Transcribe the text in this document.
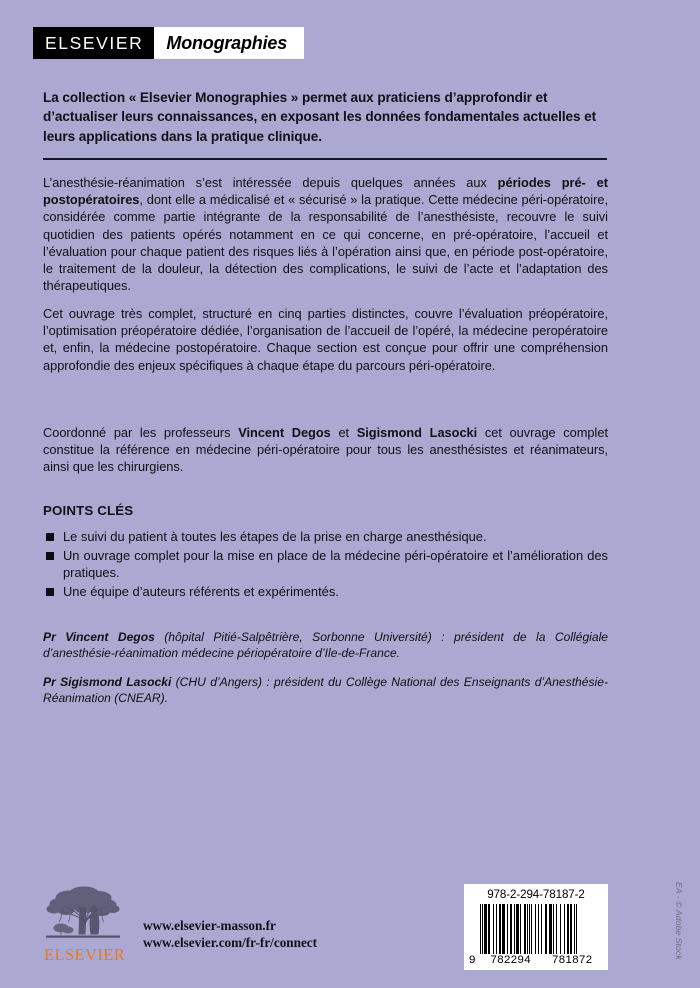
ELSEVIER	Monographies
La collection « Elsevier Monographies » permet aux praticiens d’approfondir et d’actualiser leurs connaissances, en exposant les données fondamentales actuelles et leurs applications dans la pratique clinique.
L’anesthésie-réanimation s’est intéressée depuis quelques années aux périodes pré- et postopératoires, dont elle a médicalisé et « sécurisé » la pratique. Cette médecine péri-opératoire, considérée comme partie intégrante de la responsabilité de l’anesthésiste, recouvre le suivi quotidien des patients opérés notamment en ce qui concerne, en pré-opératoire, l’accueil et l’évaluation pour chaque patient des risques liés à l’opération ainsi que, en période post-opératoire, le traitement de la douleur, la détection des complications, le suivi de l’acte et l’adaptation des thérapeutiques.
Cet ouvrage très complet, structuré en cinq parties distinctes, couvre l’évaluation préopératoire, l’optimisation préopératoire dédiée, l’organisation de l’accueil de l’opéré, la médecine peropératoire et, enfin, la médecine postopératoire. Chaque section est conçue pour offrir une compréhension approfondie des enjeux spécifiques à chaque étape du parcours péri-opératoire.
Coordonné par les professeurs Vincent Degos et Sigismond Lasocki cet ouvrage complet constitue la référence en médecine péri-opératoire pour tous les anesthésistes et réanimateurs, ainsi que les chirurgiens.
POINTS CLÉS
Le suivi du patient à toutes les étapes de la prise en charge anesthésique.
Un ouvrage complet pour la mise en place de la médecine péri-opératoire et l’amélioration des pratiques.
Une équipe d’auteurs référents et expérimentés.
Pr Vincent Degos (hôpital Pitié-Salpêtrière, Sorbonne Université) : président de la Collégiale d’anesthésie-réanimation médecine périopératoire d’Ile-de-France.
Pr Sigismond Lasocki (CHU d’Angers) : président du Collège National des Enseignants d’Anesthésie-Réanimation (CNEAR).
ELSEVIER
www.elsevier-masson.fr
www.elsevier.com/fr-fr/connect
978-2-294-78187-2
9	782294	781872
EA - © Adobe Stock
